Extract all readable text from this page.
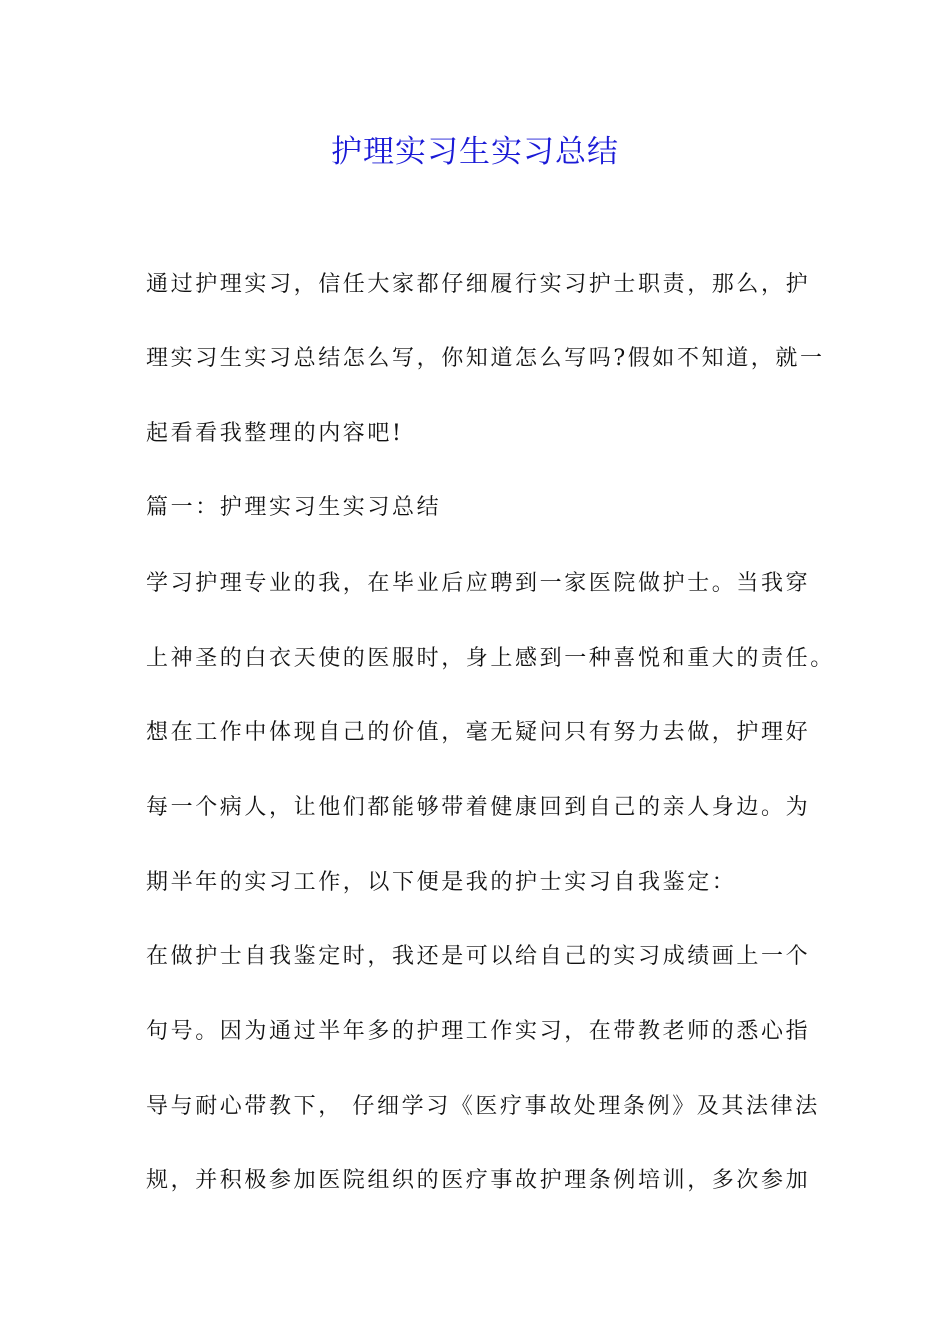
护理实习生实习总结
通过护理实习，信任大家都仔细履行实习护士职责，那么，护
理实习生实习总结怎么写，你知道怎么写吗?假如不知道，就一
起看看我整理的内容吧!
篇一：护理实习生实习总结
学习护理专业的我，在毕业后应聘到一家医院做护士。当我穿
上神圣的白衣天使的医服时，身上感到一种喜悦和重大的责任。
想在工作中体现自己的价值，毫无疑问只有努力去做，护理好
每一个病人，让他们都能够带着健康回到自己的亲人身边。为
期半年的实习工作，以下便是我的护士实习自我鉴定：
在做护士自我鉴定时，我还是可以给自己的实习成绩画上一个
句号。因为通过半年多的护理工作实习，在带教老师的悉心指
导与耐心带教下， 仔细学习《医疗事故处理条例》及其法律法
规，并积极参加医院组织的医疗事故护理条例培训，多次参加
